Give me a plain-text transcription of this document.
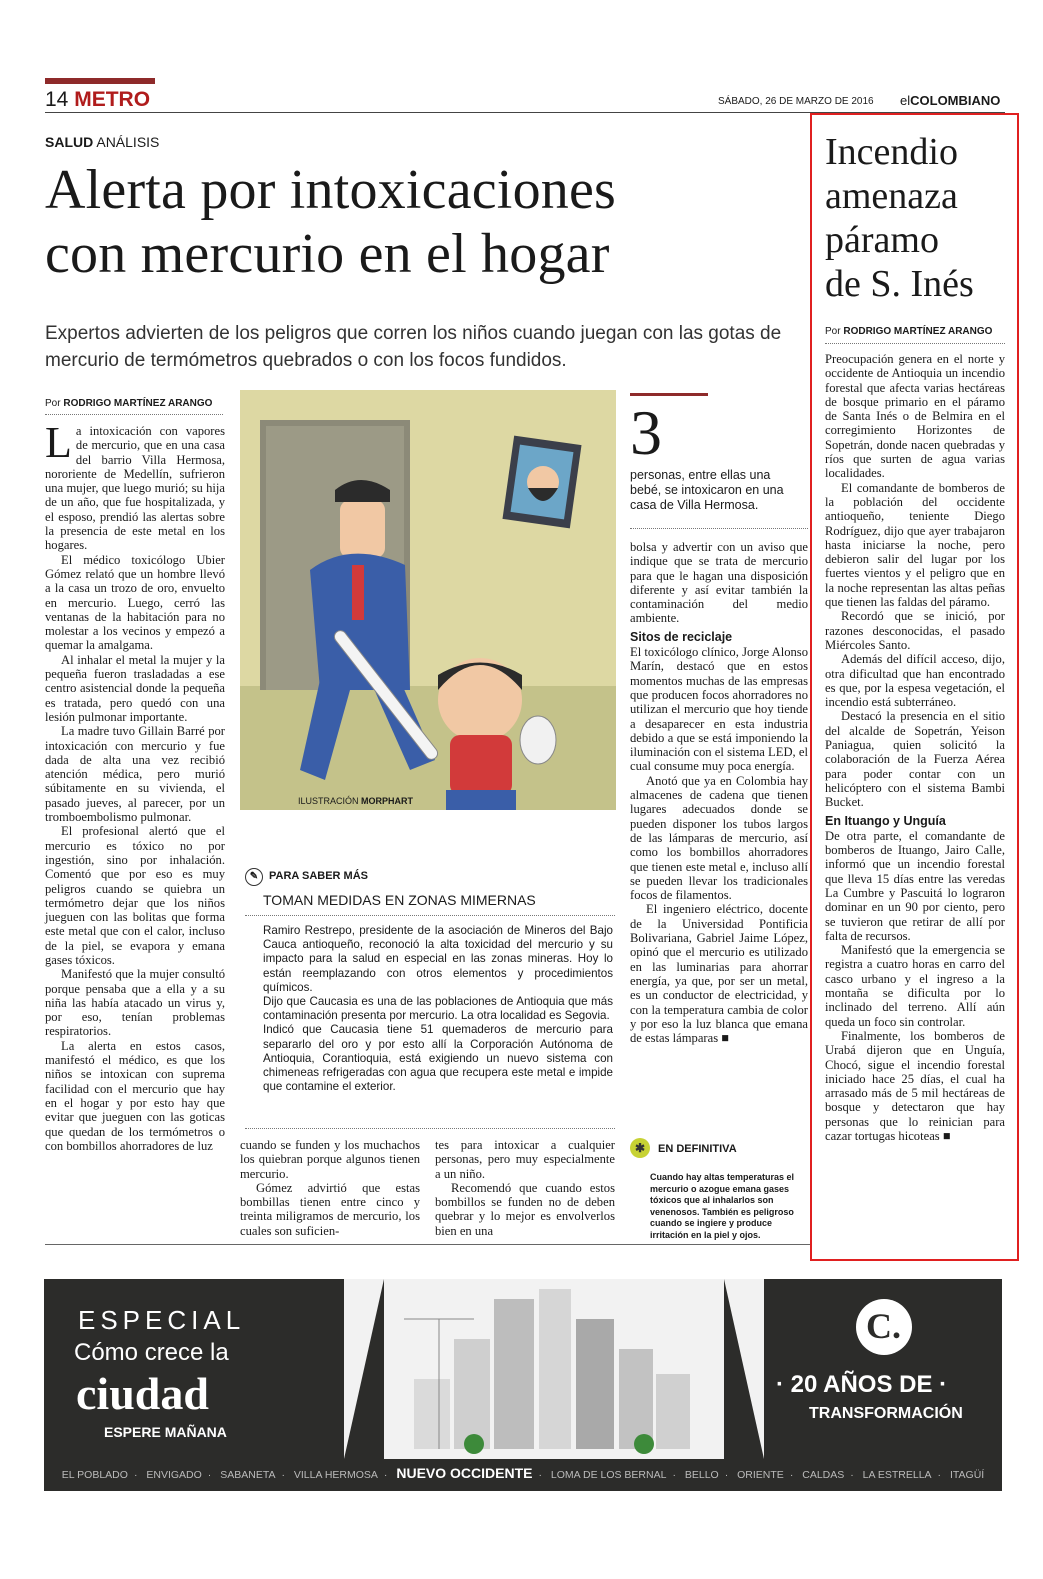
14 METRO	SÁBADO, 26 DE MARZO DE 2016 elCOLOMBIANO
SALUD ANÁLISIS
Alerta por intoxicaciones
con mercurio en el hogar
Expertos advierten de los peligros que corren los niños cuando juegan con las gotas de mercurio de termómetros quebrados o con los focos fundidos.
Por RODRIGO MARTÍNEZ ARANGO

La intoxicación con vapores de mercurio, que en una casa del barrio Villa Hermosa, nororiente de Medellín, sufrieron una mujer, que luego murió; su hija de un año, que fue hospitalizada, y el esposo, prendió las alertas sobre la presencia de este metal en los hogares.

El médico toxicólogo Ubier Gómez relató que un hombre llevó a la casa un trozo de oro, envuelto en mercurio. Luego, cerró las ventanas de la habitación para no molestar a los vecinos y empezó a quemar la amalgama.

Al inhalar el metal la mujer y la pequeña fueron trasladadas a ese centro asistencial donde la pequeña es tratada, pero quedó con una lesión pulmonar importante.

La madre tuvo Gillain Barré por intoxicación con mercurio y fue dada de alta una vez recibió atención médica, pero murió súbitamente en su vivienda, el pasado jueves, al parecer, por un tromboembolismo pulmonar.

El profesional alertó que el mercurio es tóxico no por ingestión, sino por inhalación. Comentó que por eso es muy peligros cuando se quiebra un termómetro dejar que los niños jueguen con las bolitas que forma este metal que con el calor, incluso de la piel, se evapora y emana gases tóxicos.

Manifestó que la mujer consultó porque pensaba que a ella y a su niña las había atacado un virus y, por eso, tenían problemas respiratorios.

La alerta en estos casos, manifestó el médico, es que los niños se intoxican con suprema facilidad con el mercurio que hay en el hogar y por esto hay que evitar que jueguen con las goticas que quedan de los termómetros o con bombillos ahorradores de luz

ILUSTRACIÓN MORPHART
3
personas, entre ellas una bebé, se intoxicaron en una casa de Villa Hermosa.

bolsa y advertir con un aviso que indique que se trata de mercurio para que le hagan una disposición diferente y así evitar también la contaminación del medio ambiente.

Sitos de reciclaje

El toxicólogo clínico, Jorge Alonso Marín, destacó que en estos momentos muchas de las empresas que producen focos ahorradores no utilizan el mercurio que hoy tiende a desaparecer en esta industria debido a que se está imponiendo la iluminación con el sistema LED, el cual consume muy poca energía.

Anotó que ya en Colombia hay almacenes de cadena que tienen lugares adecuados donde se pueden disponer los tubos largos de las lámparas de mercurio, así como los bombillos ahorradores que tienen este metal e, incluso allí se pueden llevar los tradicionales focos de filamentos.

El ingeniero eléctrico, docente de la Universidad Pontificia Bolivariana, Gabriel Jaime López, opinó que el mercurio es utilizado en las luminarias para ahorrar energía, ya que, por ser un metal, es un conductor de electricidad, y con la temperatura cambia de color y por eso la luz blanca que emana de estas lámparas ■

✎ PARA SABER MÁS
TOMAN MEDIDAS EN ZONAS MIMERNAS
Ramiro Restrepo, presidente de la asociación de Mineros del Bajo Cauca antioqueño, reconoció la alta toxicidad del mercurio y su impacto para la salud en especial en las zonas mineras. Hoy lo están reemplazando con otros elementos y procedimientos químicos.
Dijo que Caucasia es una de las poblaciones de Antioquia que más contaminación presenta por mercurio. La otra localidad es Segovia.
Indicó que Caucasia tiene 51 quemaderos de mercurio para separarlo del oro y por esto allí la Corporación Autónoma de Antioquia, Corantioquia, está exigiendo un nuevo sistema con chimeneas refrigeradas con agua que recupera este metal e impide que contamine el exterior.

cuando se funden y los muchachos los quiebran porque algunos tienen mercurio.

Gómez advirtió que estas bombillas tienen entre cinco y treinta miligramos de mercurio, los cuales son suficien-

tes para intoxicar a cualquier personas, pero muy especialmente a un niño.

Recomendó que cuando estos bombillos se funden no de deben quebrar y lo mejor es envolverlos bien en una

✱ EN DEFINITIVA
Cuando hay altas temperaturas el mercurio o azogue emana gases tóxicos que al inhalarlos son venenosos. También es peligroso cuando se ingiere y produce irritación en la piel y ojos.
Incendio
amenaza
páramo
de S. Inés
Por RODRIGO MARTÍNEZ ARANGO

Preocupación genera en el norte y occidente de Antioquia un incendio forestal que afecta varias hectáreas de bosque primario en el páramo de Santa Inés o de Belmira en el corregimiento Horizontes de Sopetrán, donde nacen quebradas y ríos que surten de agua varias localidades.

El comandante de bomberos de la población del occidente antioqueño, teniente Diego Rodríguez, dijo que ayer trabajaron hasta iniciarse la noche, pero debieron salir del lugar por los fuertes vientos y el peligro que en la noche representan las altas peñas que tienen las faldas del páramo.

Recordó que se inició, por razones desconocidas, el pasado Miércoles Santo.

Además del difícil acceso, dijo, otra dificultad que han encontrado es que, por la espesa vegetación, el incendio está subterráneo.

Destacó la presencia en el sitio del alcalde de Sopetrán, Yeison Paniagua, quien solicitó la colaboración de la Fuerza Aérea para poder contar con un helicóptero con el sistema Bambi Bucket.

En Ituango y Unguía

De otra parte, el comandante de bomberos de Ituango, Jairo Calle, informó que un incendio forestal que lleva 15 días entre las veredas La Cumbre y Pascuitá lo lograron dominar en un 90 por ciento, pero se tuvieron que retirar de allí por falta de recursos.

Manifestó que la emergencia se registra a cuatro horas en carro del casco urbano y el ingreso a la montaña se dificulta por lo inclinado del terreno. Allí aún queda un foco sin controlar.

Finalmente, los bomberos de Urabá dijeron que en Unguía, Chocó, sigue el incendio forestal iniciado hace 25 días, el cual ha arrasado más de 5 mil hectáreas de bosque y detectaron que hay personas que lo reinician para cazar tortugas hicoteas ■

ESPECIAL
Cómo crece la
ciudad
ESPERE MAÑANA
C.
· 20 AÑOS DE ·
TRANSFORMACIÓN
EL POBLADO · ENVIGADO · SABANETA · VILLA HERMOSA · NUEVO OCCIDENTE · LOMA DE LOS BERNAL · BELLO · ORIENTE · CALDAS · LA ESTRELLA · ITAGÜÍ
